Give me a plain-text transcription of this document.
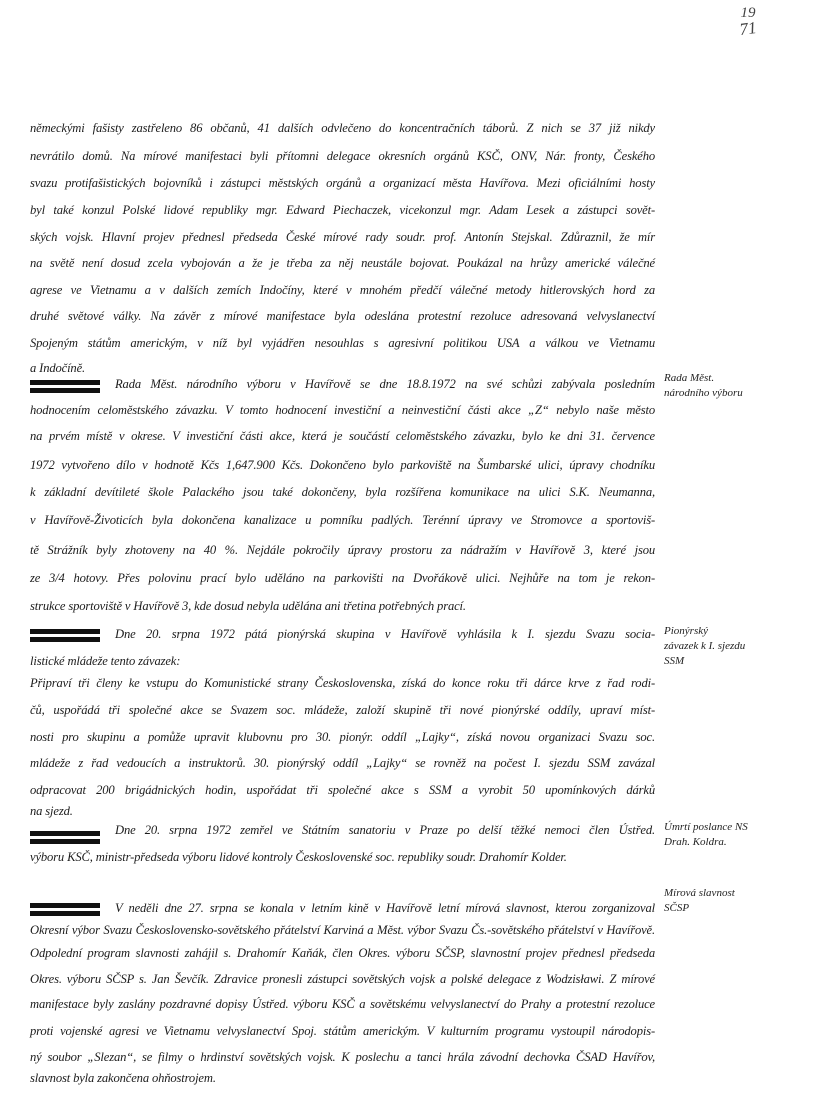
19
71
německými fašisty zastřeleno 86 občanů, 41 dalších odvlečeno do koncentračních táborů. Z nich se 37 již nikdy
nevrátilo domů. Na mírové manifestaci byli přítomni delegace okresních orgánů KSČ, ONV, Nár. fronty, Českého
svazu protifašistických bojovníků i zástupci městských orgánů a organizací města Havířova. Mezi oficiálními hosty
byl také konzul Polské lidové republiky mgr. Edward Piechaczek, vicekonzul mgr. Adam Lesek a zástupci sovět-
ských vojsk. Hlavní projev přednesl předseda České mírové rady soudr. prof. Antonín Stejskal. Zdůraznil, že mír
na světě není dosud zcela vybojován a že je třeba za něj neustále bojovat. Poukázal na hrůzy americké válečné
agrese ve Vietnamu a v dalších zemích Indočíny, které v mnohém předčí válečné metody hitlerovských hord za
druhé světové války. Na závěr z mírové manifestace byla odeslána protestní rezoluce adresovaná velvyslanectví
Spojeným státům americkým, v níž byl vyjádřen nesouhlas s agresivní politikou USA a válkou ve Vietnamu
a Indočíně.
Rada Měst. národního výboru v Havířově se dne 18.8.1972 na své schůzi zabývala posledním
hodnocením celoměstského závazku. V tomto hodnocení investiční a neinvestiční části akce „Z“ nebylo naše město
na prvém místě v okrese. V investiční části akce, která je součástí celoměstského závazku, bylo ke dni 31. července
1972 vytvořeno dílo v hodnotě Kčs 1,647.900 Kčs. Dokončeno bylo parkoviště na Šumbarské ulici, úpravy chodníku
k základní devítileté škole Palackého jsou také dokončeny, byla rozšířena komunikace na ulici S.K. Neumanna,
v Havířově-Životicích byla dokončena kanalizace u pomníku padlých. Terénní úpravy ve Stromovce a sportoviš-
tě Strážník byly zhotoveny na 40 %. Nejdále pokročily úpravy prostoru za nádražím v Havířově 3, které jsou
ze 3/4 hotovy. Přes polovinu prací bylo uděláno na parkovišti na Dvořákově ulici. Nejhůře na tom je rekon-
strukce sportoviště v Havířově 3, kde dosud nebyla udělána ani třetina potřebných prací.
Rada Měst.
národního výboru
Dne 20. srpna 1972 pátá pionýrská skupina v Havířově vyhlásila k I. sjezdu Svazu socia-
listické mládeže tento závazek:
Připraví tři členy ke vstupu do Komunistické strany Československa, získá do konce roku tři dárce krve z řad rodi-
čů, uspořádá tři společné akce se Svazem soc. mládeže, založí skupině tři nové pionýrské oddíly, upraví míst-
nosti pro skupinu a pomůže upravit klubovnu pro 30. pionýr. oddíl „Lajky“, získá novou organizaci Svazu soc.
mládeže z řad vedoucích a instruktorů. 30. pionýrský oddíl „Lajky“ se rovněž na počest I. sjezdu SSM zavázal
odpracovat 200 brigádnických hodin, uspořádat tři společné akce s SSM a vyrobit 50 upomínkových dárků
na sjezd.
Pionýrský
závazek k I. sjezdu
SSM
Dne 20. srpna 1972 zemřel ve Státním sanatoriu v Praze po delší těžké nemoci člen Ústřed.
výboru KSČ, ministr-předseda výboru lidové kontroly Československé soc. republiky soudr. Drahomír Kolder.
Úmrtí poslance NS
Drah. Koldra.
V neděli dne 27. srpna se konala v letním kině v Havířově letní mírová slavnost, kterou zorganizoval
Okresní výbor Svazu Československo-sovětského přátelství Karviná a Měst. výbor Svazu Čs.-sovětského přátelství v Havířově.
Odpolední program slavnosti zahájil s. Drahomír Kaňák, člen Okres. výboru SČSP, slavnostní projev přednesl předseda
Okres. výboru SČSP s. Jan Ševčík. Zdravice pronesli zástupci sovětských vojsk a polské delegace z Wodzisławi. Z mírové
manifestace byly zaslány pozdravné dopisy Ústřed. výboru KSČ a sovětskému velvyslanectví do Prahy a protestní rezoluce
proti vojenské agresi ve Vietnamu velvyslanectví Spoj. státům americkým. V kulturním programu vystoupil národopis-
ný soubor „Slezan“, se filmy o hrdinství sovětských vojsk. K poslechu a tanci hrála závodní dechovka ČSAD Havířov,
slavnost byla zakončena ohňostrojem.
Mírová slavnost
SČSP
